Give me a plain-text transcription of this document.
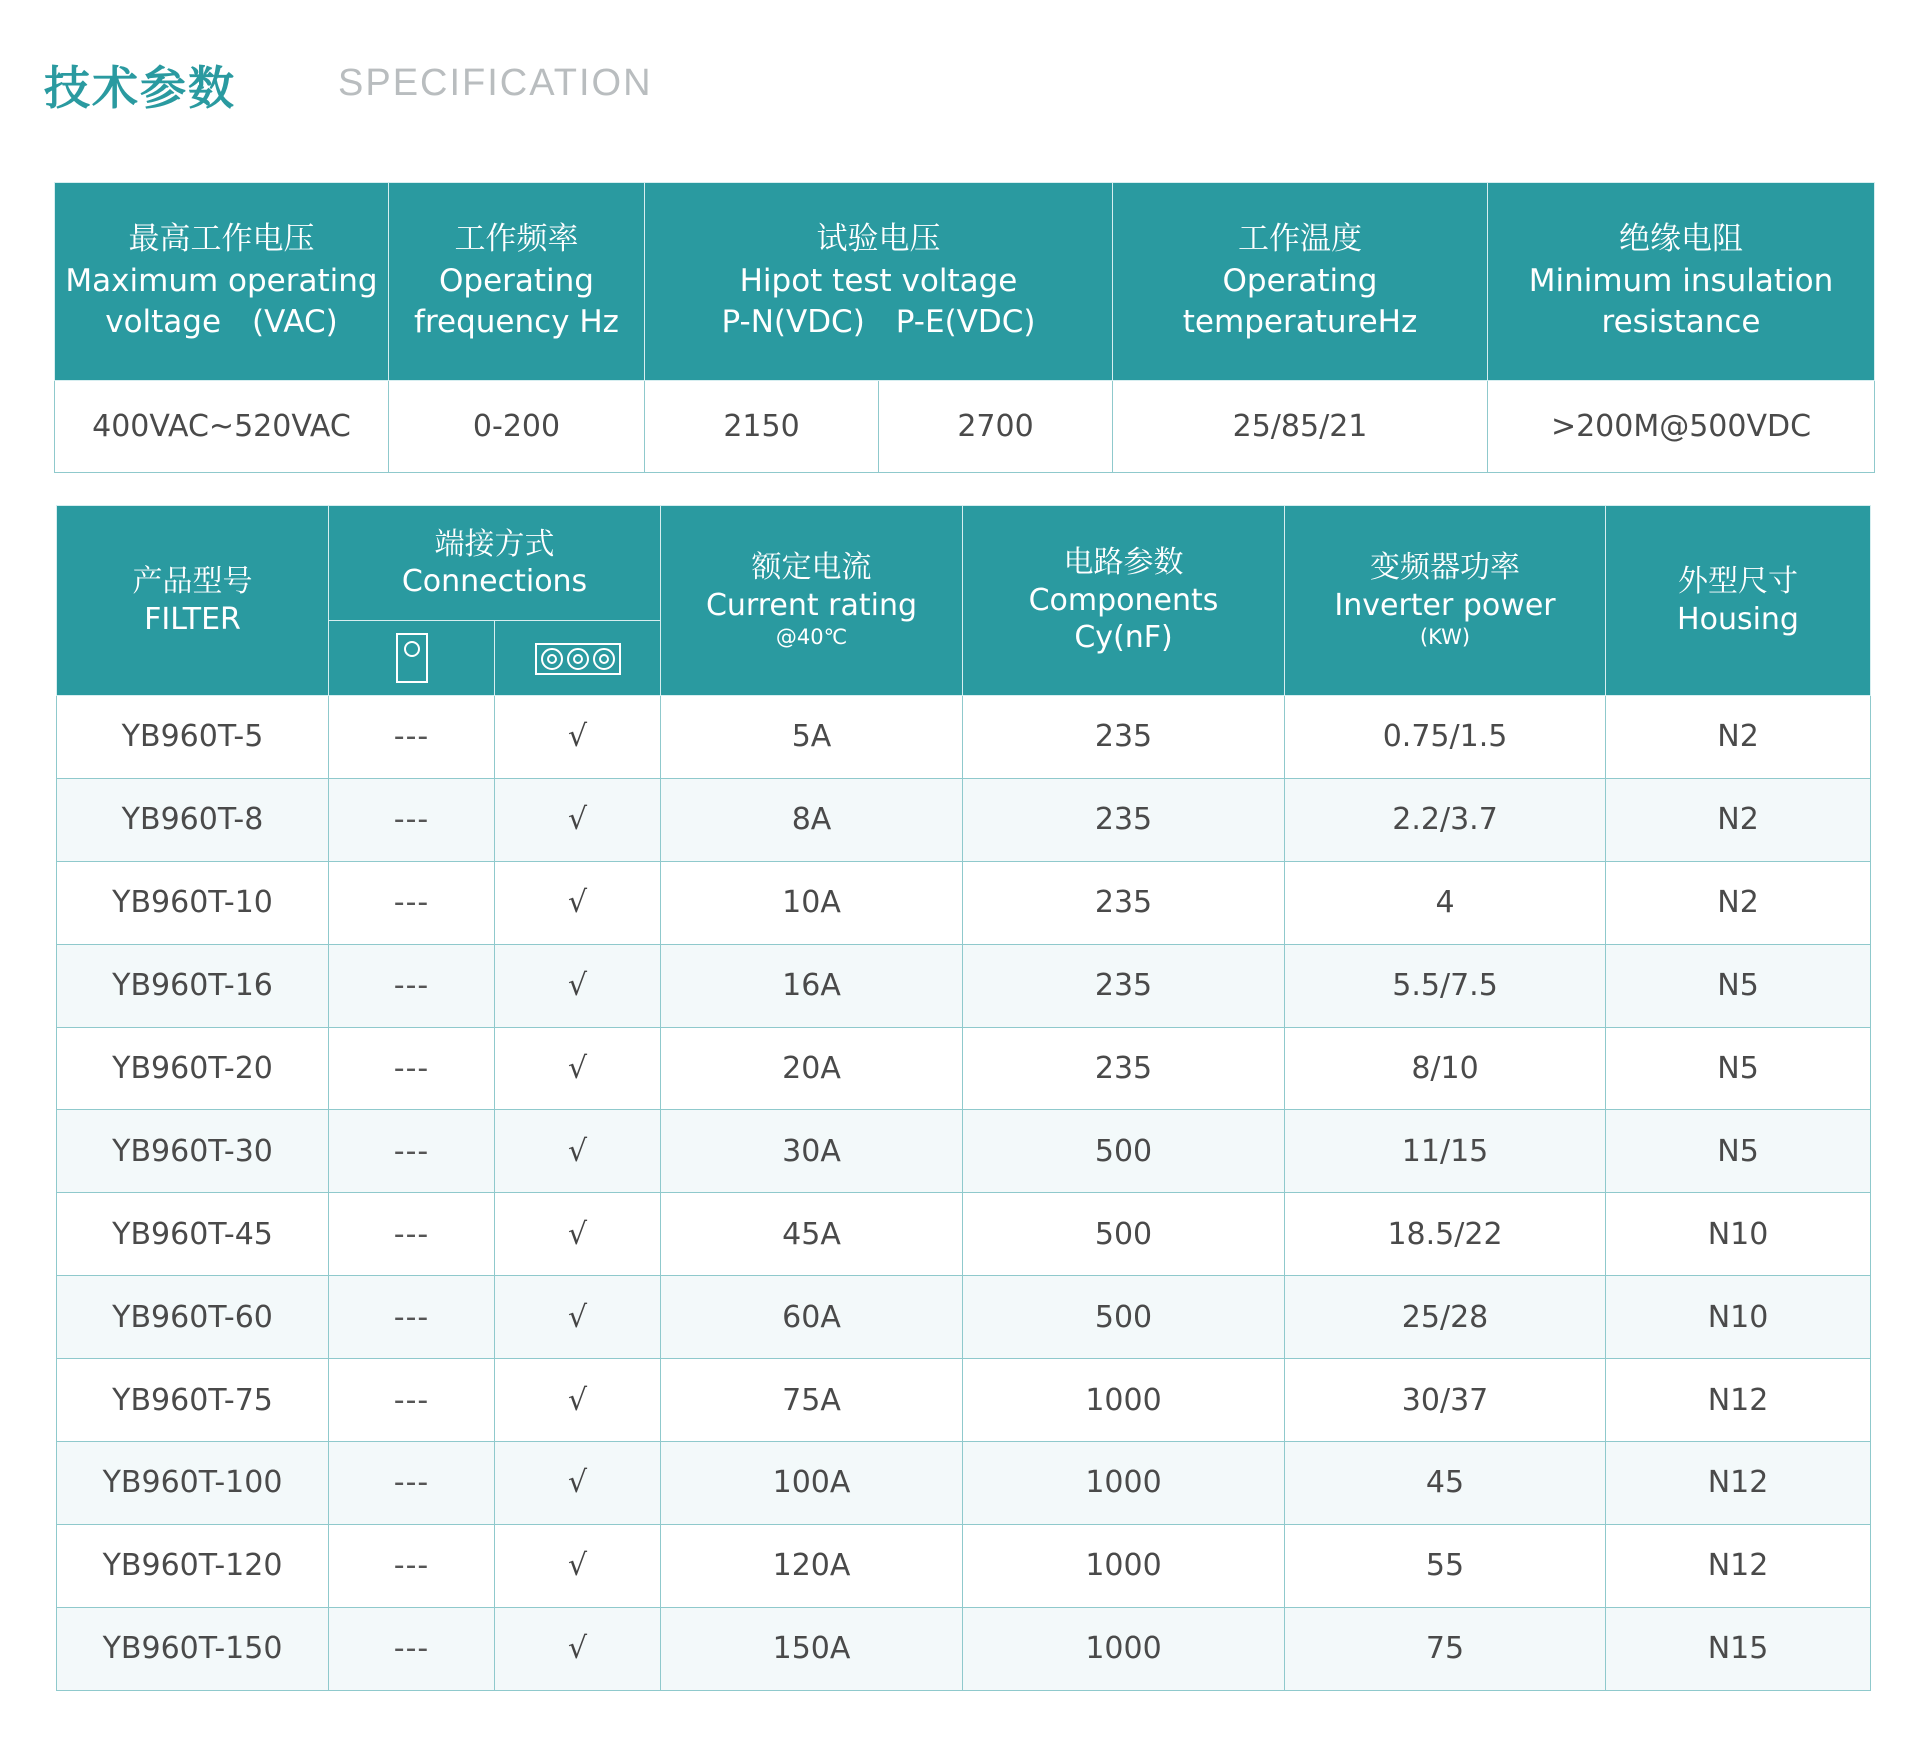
技术参数	SPECIFICATION
最高工作电压
Maximum operating
voltage　(VAC)	工作频率
Operating
frequency Hz	试验电压
Hipot test voltage
P-N(VDC)　P-E(VDC)		工作温度
Operating
temperatureHz	绝缘电阻
Minimum insulation
resistance

400VAC~520VAC	0-200	2150	2700	25/85/21	>200M@500VDC
产品型号
FILTER	端接方式
Connections		额定电流
Current rating
@40℃	电路参数
Components
Cy(nF)	变频器功率
Inverter power
(KW)	外型尺寸
Housing

YB960T-5	---	√	5A	235	0.75/1.5	N2
YB960T-8	---	√	8A	235	2.2/3.7	N2
YB960T-10	---	√	10A	235	4	N2
YB960T-16	---	√	16A	235	5.5/7.5	N5
YB960T-20	---	√	20A	235	8/10	N5
YB960T-30	---	√	30A	500	11/15	N5
YB960T-45	---	√	45A	500	18.5/22	N10
YB960T-60	---	√	60A	500	25/28	N10
YB960T-75	---	√	75A	1000	30/37	N12
YB960T-100	---	√	100A	1000	45	N12
YB960T-120	---	√	120A	1000	55	N12
YB960T-150	---	√	150A	1000	75	N15
